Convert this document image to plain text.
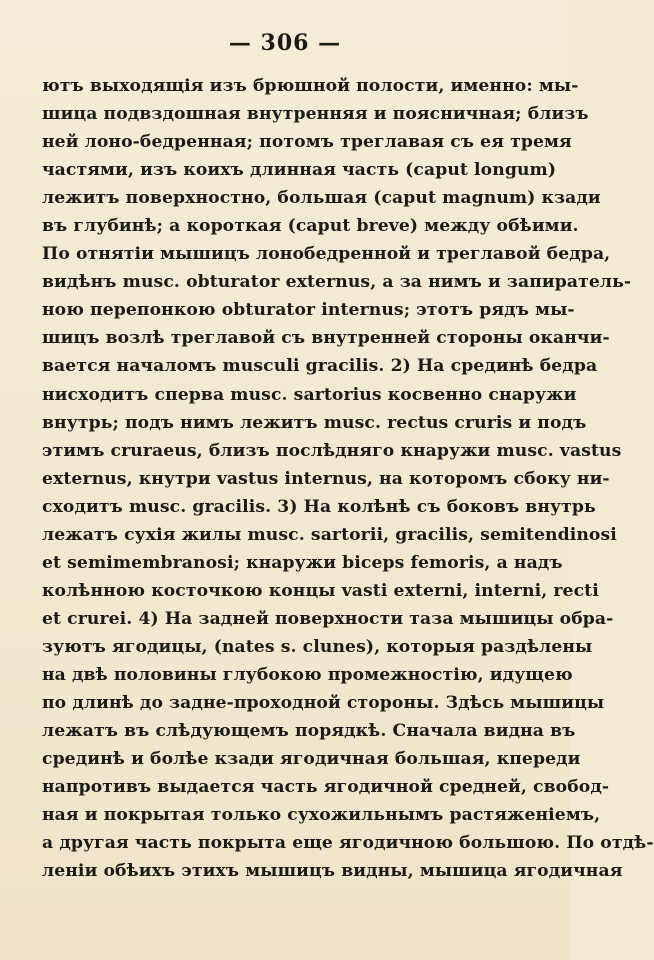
— 306 —
ютъ выходящія изъ брюшной полости, именно: мы-
шица подвздошная внутренняя и поясничная; близъ
ней лоно-бедренная; потомъ треглавая съ ея тремя
частями, изъ коихъ длинная часть (caput longum)
лежитъ поверхностно, большая (caput magnum) кзади
въ глубинѣ; а короткая (caput breve) между обѣими.
По отнятіи мышицъ лонобедренной и треглавой бедра,
видѣнъ musc. obturator externus, а за нимъ и запиратель-
ною перепонкою obturator internus; этотъ рядъ мы-
шицъ возлѣ треглавой съ внутренней стороны оканчи-
вается началомъ musculi gracilis. 2) На срединѣ бедра
нисходитъ сперва musc. sartorius косвенно снаружи
внутрь; подъ нимъ лежитъ musc. rectus cruris и подъ
этимъ cruraeus, близъ послѣдняго кнаружи musc. vastus
externus, кнутри vastus internus, на которомъ сбоку ни-
сходитъ musc. gracilis. 3) На колѣнѣ съ боковъ внутрь
лежатъ сухія жилы musc. sartorii, gracilis, semitendinosi
et semimembranosi; кнаружи biceps femoris, а надъ
колѣнною косточкою концы vasti externi, interni, recti
et crurei. 4) На задней поверхности таза мышицы обра-
зуютъ ягодицы, (nates s. clunes), которыя раздѣлены
на двѣ половины глубокою промежностію, идущею
по длинѣ до задне-проходной стороны. Здѣсь мышицы
лежатъ въ слѣдующемъ порядкѣ. Сначала видна въ
срединѣ и болѣе кзади ягодичная большая, кпереди
напротивъ выдается часть ягодичной средней, свобод-
ная и покрытая только сухожильнымъ растяженіемъ,
а другая часть покрыта еще ягодичною большою. По отдѣ-
леніи обѣихъ этихъ мышицъ видны, мышица ягодичная
